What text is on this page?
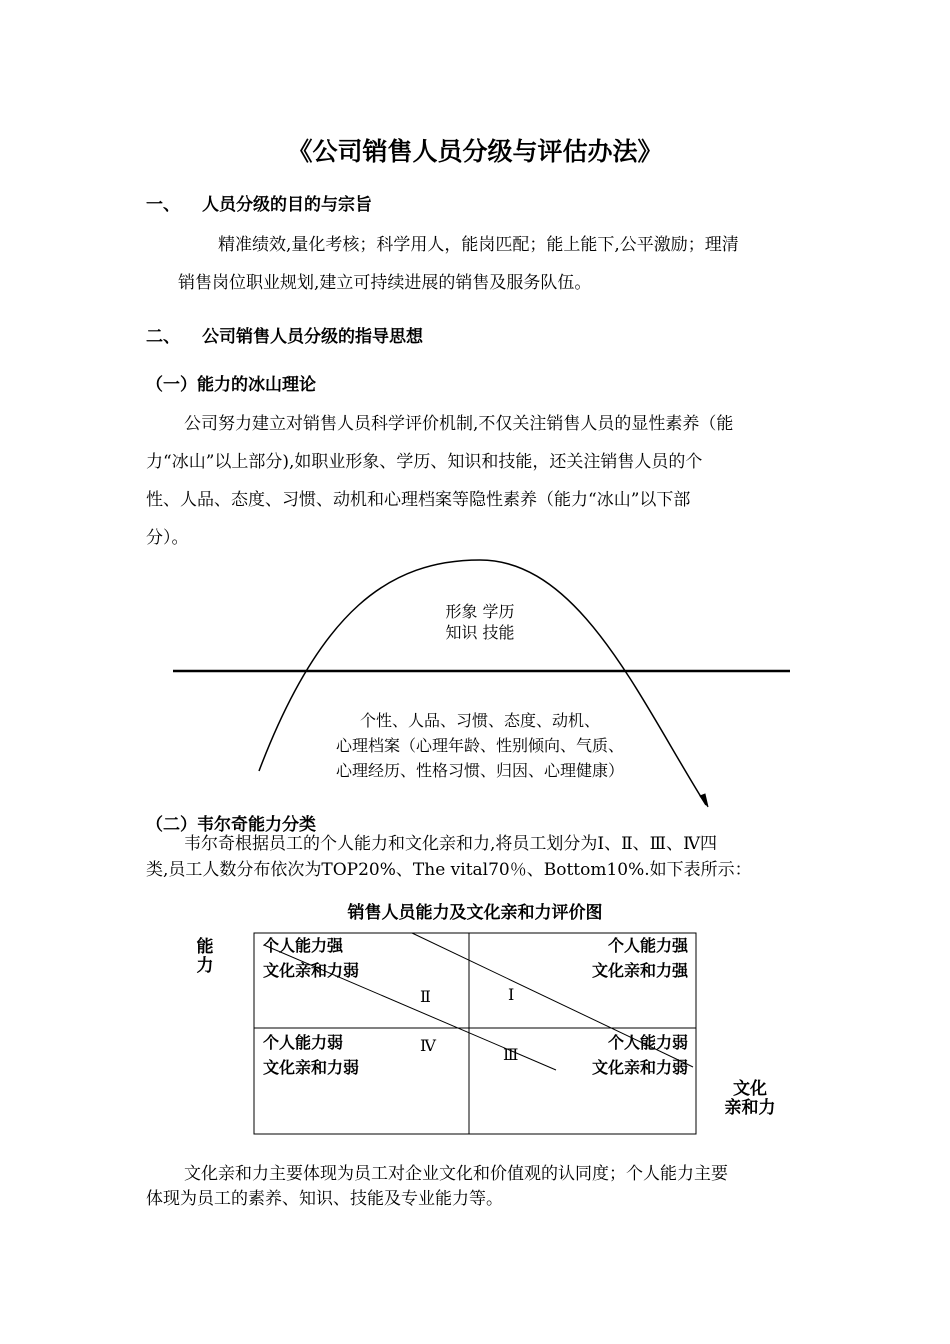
《公司销售人员分级与评估办法》
一、 人员分级的目的与宗旨
精准绩效,量化考核；科学用人，能岗匹配；能上能下,公平激励；理清
销售岗位职业规划,建立可持续进展的销售及服务队伍。
二、 公司销售人员分级的指导思想
（一）能力的冰山理论
公司努力建立对销售人员科学评价机制,不仅关注销售人员的显性素养（能
力“冰山”以上部分),如职业形象、学历、知识和技能，还关注销售人员的个
性、人品、态度、习惯、动机和心理档案等隐性素养（能力“冰山”以下部
分）。
形象 学历
知识 技能
个性、人品、习惯、态度、动机、
心理档案（心理年龄、性别倾向、气质、
心理经历、性格习惯、归因、心理健康）
（二）韦尔奇能力分类
韦尔奇根据员工的个人能力和文化亲和力,将员工划分为Ⅰ、Ⅱ、Ⅲ、Ⅳ四
类,员工人数分布依次为TOP20%、The vital70％、Bottom10%.如下表所示：
销售人员能力及文化亲和力评价图
能
力
个人能力强
文化亲和力弱
个人能力强
文化亲和力强
个人能力弱
文化亲和力弱
个人能力弱
文化亲和力弱
Ⅱ	Ⅰ
Ⅳ	Ⅲ
文化
亲和力
文化亲和力主要体现为员工对企业文化和价值观的认同度；个人能力主要
体现为员工的素养、知识、技能及专业能力等。
